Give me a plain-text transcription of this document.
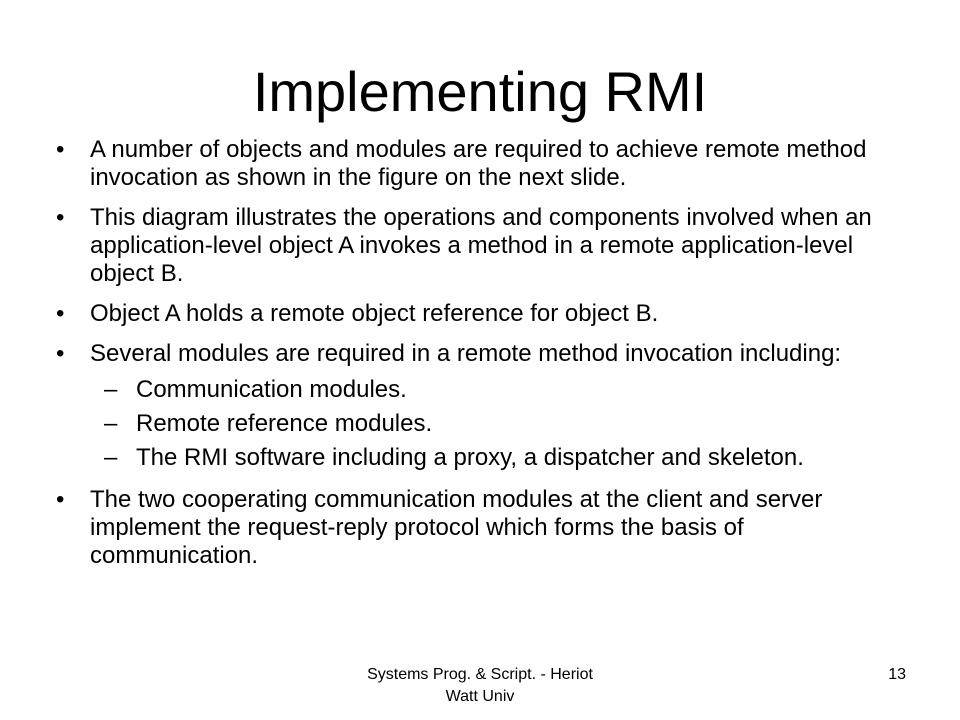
Implementing RMI
•	A number of objects and modules are required to achieve remote method invocation as shown in the figure on the next slide.
•	This diagram illustrates the operations and components involved when an application-level object A invokes a method in a remote application-level object B.
•	Object A holds a remote object reference for object B.
•	Several modules are required in a remote method invocation including:
– Communication modules.
– Remote reference modules.
– The RMI software including a proxy, a dispatcher and skeleton.
•	The two cooperating communication modules at the client and server implement the request-reply protocol which forms the basis of communication.
Systems Prog. & Script. - Heriot
Watt Univ
13
